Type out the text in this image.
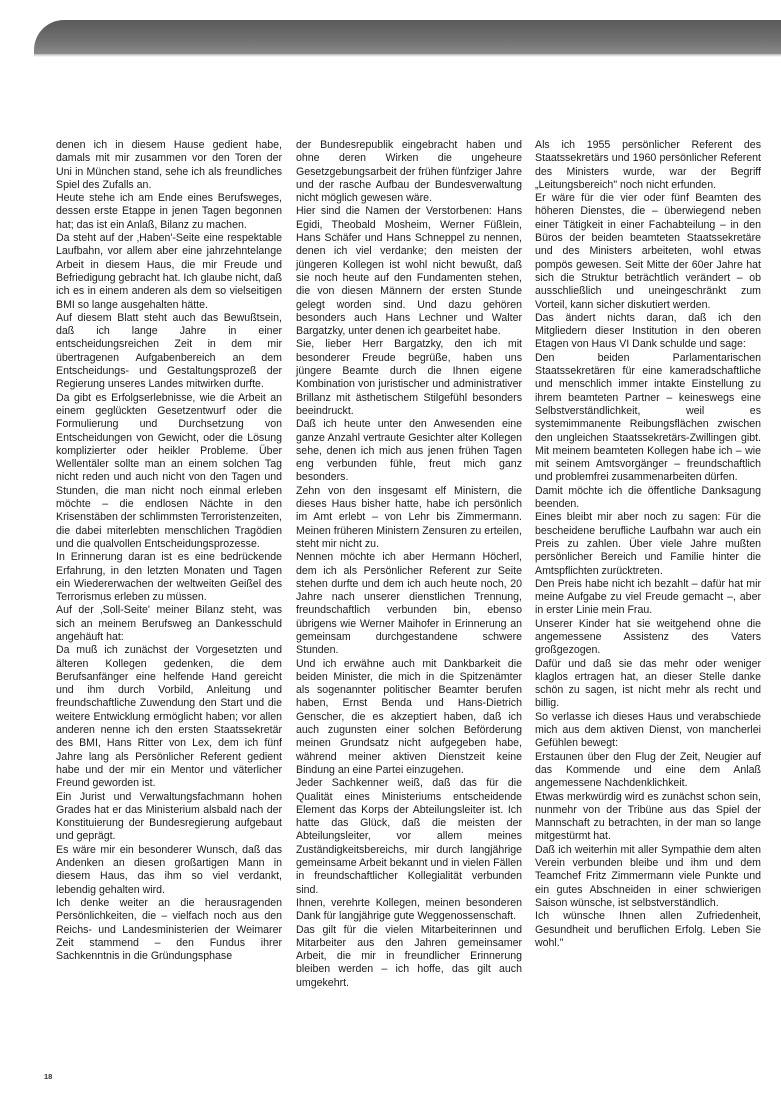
denen ich in diesem Hause gedient habe, damals mit mir zusammen vor den Toren der Uni in München stand, sehe ich als freundliches Spiel des Zufalls an.

Heute stehe ich am Ende eines Berufsweges, dessen erste Etappe in jenen Tagen begonnen hat; das ist ein Anlaß, Bilanz zu machen.

Da steht auf der ‚Haben'-Seite eine respektable Laufbahn, vor allem aber eine jahrzehntelange Arbeit in diesem Haus, die mir Freude und Befriedigung gebracht hat. Ich glaube nicht, daß ich es in einem anderen als dem so vielseitigen BMI so lange ausgehalten hätte.

Auf diesem Blatt steht auch das Bewußtsein, daß ich lange Jahre in einer entscheidungsreichen Zeit in dem mir übertragenen Aufgabenbereich an dem Entscheidungs- und Gestaltungsprozeß der Regierung unseres Landes mitwirken durfte.

Da gibt es Erfolgserlebnisse, wie die Arbeit an einem geglückten Gesetzentwurf oder die Formulierung und Durchsetzung von Entscheidungen von Gewicht, oder die Lösung komplizierter oder heikler Probleme. Über Wellentäler sollte man an einem solchen Tag nicht reden und auch nicht von den Tagen und Stunden, die man nicht noch einmal erleben möchte – die endlosen Nächte in den Krisenstäben der schlimmsten Terroristenzeiten, die dabei miterlebten menschlichen Tragödien und die qualvollen Entscheidungsprozesse.

In Erinnerung daran ist es eine bedrückende Erfahrung, in den letzten Monaten und Tagen ein Wiedererwachen der weltweiten Geißel des Terrorismus erleben zu müssen.

Auf der ‚Soll-Seite' meiner Bilanz steht, was sich an meinem Berufsweg an Dankesschuld angehäuft hat:

Da muß ich zunächst der Vorgesetzten und älteren Kollegen gedenken, die dem Berufsanfänger eine helfende Hand gereicht und ihm durch Vorbild, Anleitung und freundschaftliche Zuwendung den Start und die weitere Entwicklung ermöglicht haben; vor allen anderen nenne ich den ersten Staatssekretär des BMI, Hans Ritter von Lex, dem ich fünf Jahre lang als Persönlicher Referent gedient habe und der mir ein Mentor und väterlicher Freund geworden ist.

Ein Jurist und Verwaltungsfachmann hohen Grades hat er das Ministerium alsbald nach der Konstituierung der Bundesregierung aufgebaut und geprägt.

Es wäre mir ein besonderer Wunsch, daß das Andenken an diesen großartigen Mann in diesem Haus, das ihm so viel verdankt, lebendig gehalten wird.

Ich denke weiter an die herausragenden Persönlichkeiten, die – vielfach noch aus den Reichs- und Landesministerien der Weimarer Zeit stammend – den Fundus ihrer Sachkenntnis in die Gründungsphase

der Bundesrepublik eingebracht haben und ohne deren Wirken die ungeheure Gesetzgebungsarbeit der frühen fünfziger Jahre und der rasche Aufbau der Bundesverwaltung nicht möglich gewesen wäre.

Hier sind die Namen der Verstorbenen: Hans Egidi, Theobald Mosheim, Werner Füßlein, Hans Schäfer und Hans Schneppel zu nennen, denen ich viel verdanke; den meisten der jüngeren Kollegen ist wohl nicht bewußt, daß sie noch heute auf den Fundamenten stehen, die von diesen Männern der ersten Stunde gelegt worden sind. Und dazu gehören besonders auch Hans Lechner und Walter Bargatzky, unter denen ich gearbeitet habe.

Sie, lieber Herr Bargatzky, den ich mit besonderer Freude begrüße, haben uns jüngere Beamte durch die Ihnen eigene Kombination von juristischer und administrativer Brillanz mit ästhetischem Stilgefühl besonders beeindruckt.

Daß ich heute unter den Anwesenden eine ganze Anzahl vertraute Gesichter alter Kollegen sehe, denen ich mich aus jenen frühen Tagen eng verbunden fühle, freut mich ganz besonders.

Zehn von den insgesamt elf Ministern, die dieses Haus bisher hatte, habe ich persönlich im Amt erlebt – von Lehr bis Zimmermann. Meinen früheren Ministern Zensuren zu erteilen, steht mir nicht zu.

Nennen möchte ich aber Hermann Höcherl, dem ich als Persönlicher Referent zur Seite stehen durfte und dem ich auch heute noch, 20 Jahre nach unserer dienstlichen Trennung, freundschaftlich verbunden bin, ebenso übrigens wie Werner Maihofer in Erinnerung an gemeinsam durchgestandene schwere Stunden.

Und ich erwähne auch mit Dankbarkeit die beiden Minister, die mich in die Spitzenämter als sogenannter politischer Beamter berufen haben, Ernst Benda und Hans-Dietrich Genscher, die es akzeptiert haben, daß ich auch zugunsten einer solchen Beförderung meinen Grundsatz nicht aufgegeben habe, während meiner aktiven Dienstzeit keine Bindung an eine Partei einzugehen.

Jeder Sachkenner weiß, daß das für die Qualität eines Ministeriums entscheidende Element das Korps der Abteilungsleiter ist. Ich hatte das Glück, daß die meisten der Abteilungsleiter, vor allem meines Zuständigkeitsbereichs, mir durch langjährige gemeinsame Arbeit bekannt und in vielen Fällen in freundschaftlicher Kollegialität verbunden sind.

Ihnen, verehrte Kollegen, meinen besonderen Dank für langjährige gute Weggenossenschaft.

Das gilt für die vielen Mitarbeiterinnen und Mitarbeiter aus den Jahren gemeinsamer Arbeit, die mir in freundlicher Erinnerung bleiben werden – ich hoffe, das gilt auch umgekehrt.

Als ich 1955 persönlicher Referent des Staatssekretärs und 1960 persönlicher Referent des Ministers wurde, war der Begriff „Leitungsbereich" noch nicht erfunden.

Er wäre für die vier oder fünf Beamten des höheren Dienstes, die – überwiegend neben einer Tätigkeit in einer Fachabteilung – in den Büros der beiden beamteten Staatssekretäre und des Ministers arbeiteten, wohl etwas pompös gewesen. Seit Mitte der 60er Jahre hat sich die Struktur beträchtlich verändert – ob ausschließlich und uneingeschränkt zum Vorteil, kann sicher diskutiert werden.

Das ändert nichts daran, daß ich den Mitgliedern dieser Institution in den oberen Etagen von Haus VI Dank schulde und sage:

Den beiden Parlamentarischen Staatssekretären für eine kameradschaftliche und menschlich immer intakte Einstellung zu ihrem beamteten Partner – keineswegs eine Selbstverständlichkeit, weil es systemimmanente Reibungsflächen zwischen den ungleichen Staatssekretärs-Zwillingen gibt. Mit meinem beamteten Kollegen habe ich – wie mit seinem Amtsvorgänger – freundschaftlich und problemfrei zusammenarbeiten dürfen.

Damit möchte ich die öffentliche Danksagung beenden.

Eines bleibt mir aber noch zu sagen: Für die bescheidene berufliche Laufbahn war auch ein Preis zu zahlen. Über viele Jahre mußten persönlicher Bereich und Familie hinter die Amtspflichten zurücktreten.

Den Preis habe nicht ich bezahlt – dafür hat mir meine Aufgabe zu viel Freude gemacht –, aber in erster Linie mein Frau.

Unserer Kinder hat sie weitgehend ohne die angemessene Assistenz des Vaters großgezogen.

Dafür und daß sie das mehr oder weniger klaglos ertragen hat, an dieser Stelle danke schön zu sagen, ist nicht mehr als recht und billig.

So verlasse ich dieses Haus und verabschiede mich aus dem aktiven Dienst, von mancherlei Gefühlen bewegt:

Erstaunen über den Flug der Zeit, Neugier auf das Kommende und eine dem Anlaß angemessene Nachdenklichkeit.

Etwas merkwürdig wird es zunächst schon sein, nunmehr von der Tribüne aus das Spiel der Mannschaft zu betrachten, in der man so lange mitgestürmt hat.

Daß ich weiterhin mit aller Sympathie dem alten Verein verbunden bleibe und ihm und dem Teamchef Fritz Zimmermann viele Punkte und ein gutes Abschneiden in einer schwierigen Saison wünsche, ist selbstverständlich.

Ich wünsche Ihnen allen Zufriedenheit, Gesundheit und beruflichen Erfolg. Leben Sie wohl."

18
